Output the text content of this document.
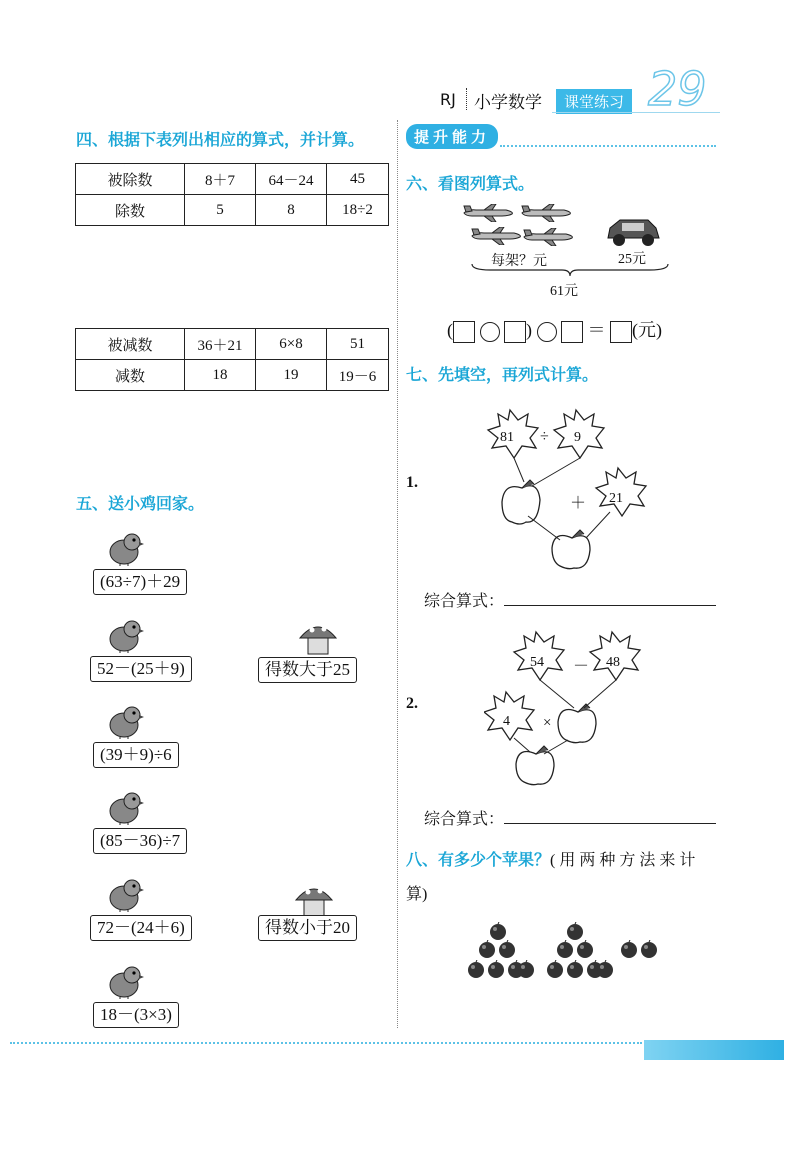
RJ 小学数学	课堂练习 29
四、根据下表列出相应的算式，并计算。
被除数	8＋7	64－24	45
除数	5	8	18÷2
被减数	36＋21	6×8	51
减数	18	19	19－6
五、送小鸡回家。
(63÷7)＋29
52－(25＋9)
(39＋9)÷6
(85－36)÷7
72－(24＋6)
18－(3×3)
得数大于25
得数小于20
提升能力
六、看图列算式。
每架？元	25元
61元
(	)	＝ (元)
七、先填空，再列式计算。
1.
81 ÷ 9
＋ 21
综合算式：
2.
54 － 48
4 ×
综合算式：
八、有多少个苹果？(用两种方法来计
算)
